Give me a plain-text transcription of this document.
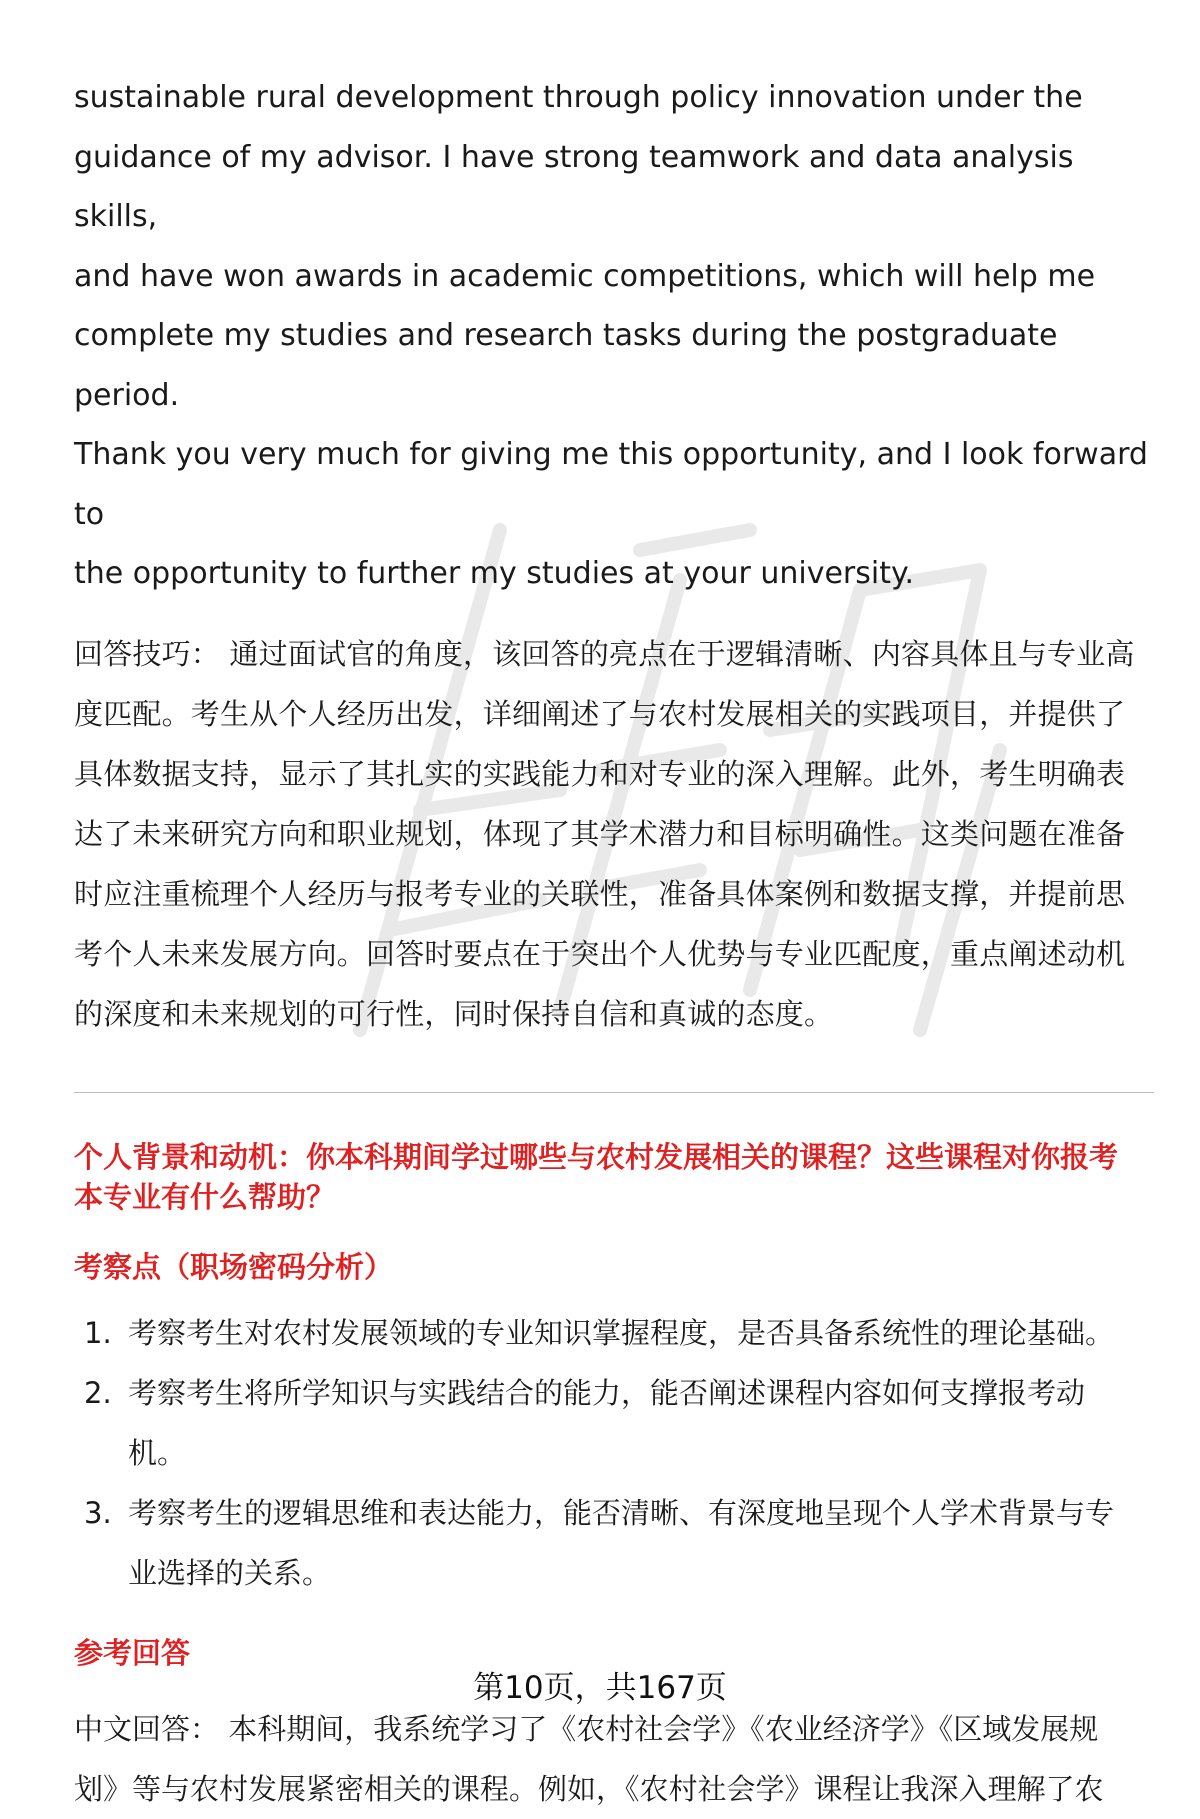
sustainable rural development through policy innovation under the
guidance of my advisor. I have strong teamwork and data analysis skills,
and have won awards in academic competitions, which will help me
complete my studies and research tasks during the postgraduate period.
Thank you very much for giving me this opportunity, and I look forward to
the opportunity to further my studies at your university.

回答技巧： 通过面试官的角度，该回答的亮点在于逻辑清晰、内容具体且与专业高
度匹配。考生从个人经历出发，详细阐述了与农村发展相关的实践项目，并提供了
具体数据支持，显示了其扎实的实践能力和对专业的深入理解。此外，考生明确表
达了未来研究方向和职业规划，体现了其学术潜力和目标明确性。这类问题在准备
时应注重梳理个人经历与报考专业的关联性，准备具体案例和数据支撑，并提前思
考个人未来发展方向。回答时要点在于突出个人优势与专业匹配度，重点阐述动机
的深度和未来规划的可行性，同时保持自信和真诚的态度。

个人背景和动机：你本科期间学过哪些与农村发展相关的课程？这些课程对你报考
本专业有什么帮助？
考察点（职场密码分析）
1. 考察考生对农村发展领域的专业知识掌握程度，是否具备系统性的理论基础。
2. 考察考生将所学知识与实践结合的能力，能否阐述课程内容如何支撑报考动
机。
3. 考察考生的逻辑思维和表达能力，能否清晰、有深度地呈现个人学术背景与专
业选择的关系。
参考回答

中文回答： 本科期间，我系统学习了《农村社会学》《农业经济学》《区域发展规
划》等与农村发展紧密相关的课程。例如，《农村社会学》课程让我深入理解了农

第10页，共167页
